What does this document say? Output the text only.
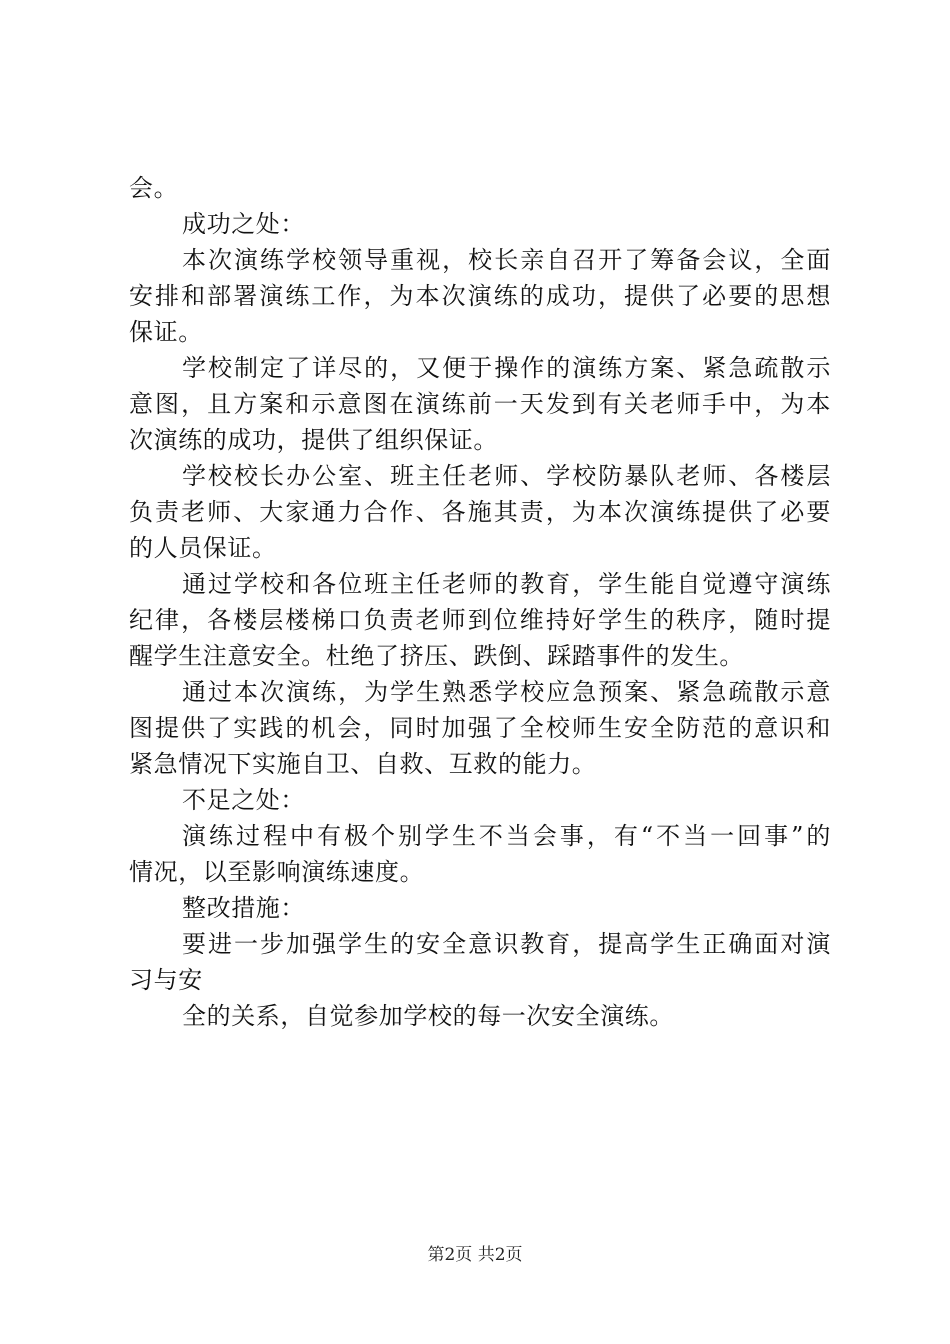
会。
成功之处：
本次演练学校领导重视，校长亲自召开了筹备会议，全面
安排和部署演练工作，为本次演练的成功，提供了必要的思想
保证。
学校制定了详尽的，又便于操作的演练方案、紧急疏散示
意图，且方案和示意图在演练前一天发到有关老师手中，为本
次演练的成功，提供了组织保证。
学校校长办公室、班主任老师、学校防暴队老师、各楼层
负责老师、大家通力合作、各施其责，为本次演练提供了必要
的人员保证。
通过学校和各位班主任老师的教育，学生能自觉遵守演练
纪律，各楼层楼梯口负责老师到位维持好学生的秩序，随时提
醒学生注意安全。杜绝了挤压、跌倒、踩踏事件的发生。
通过本次演练，为学生熟悉学校应急预案、紧急疏散示意
图提供了实践的机会，同时加强了全校师生安全防范的意识和
紧急情况下实施自卫、自救、互救的能力。
不足之处：
演练过程中有极个别学生不当会事，有“不当一回事”的
情况，以至影响演练速度。
整改措施：
要进一步加强学生的安全意识教育，提高学生正确面对演
习与安
全的关系，自觉参加学校的每一次安全演练。
第2页 共2页
